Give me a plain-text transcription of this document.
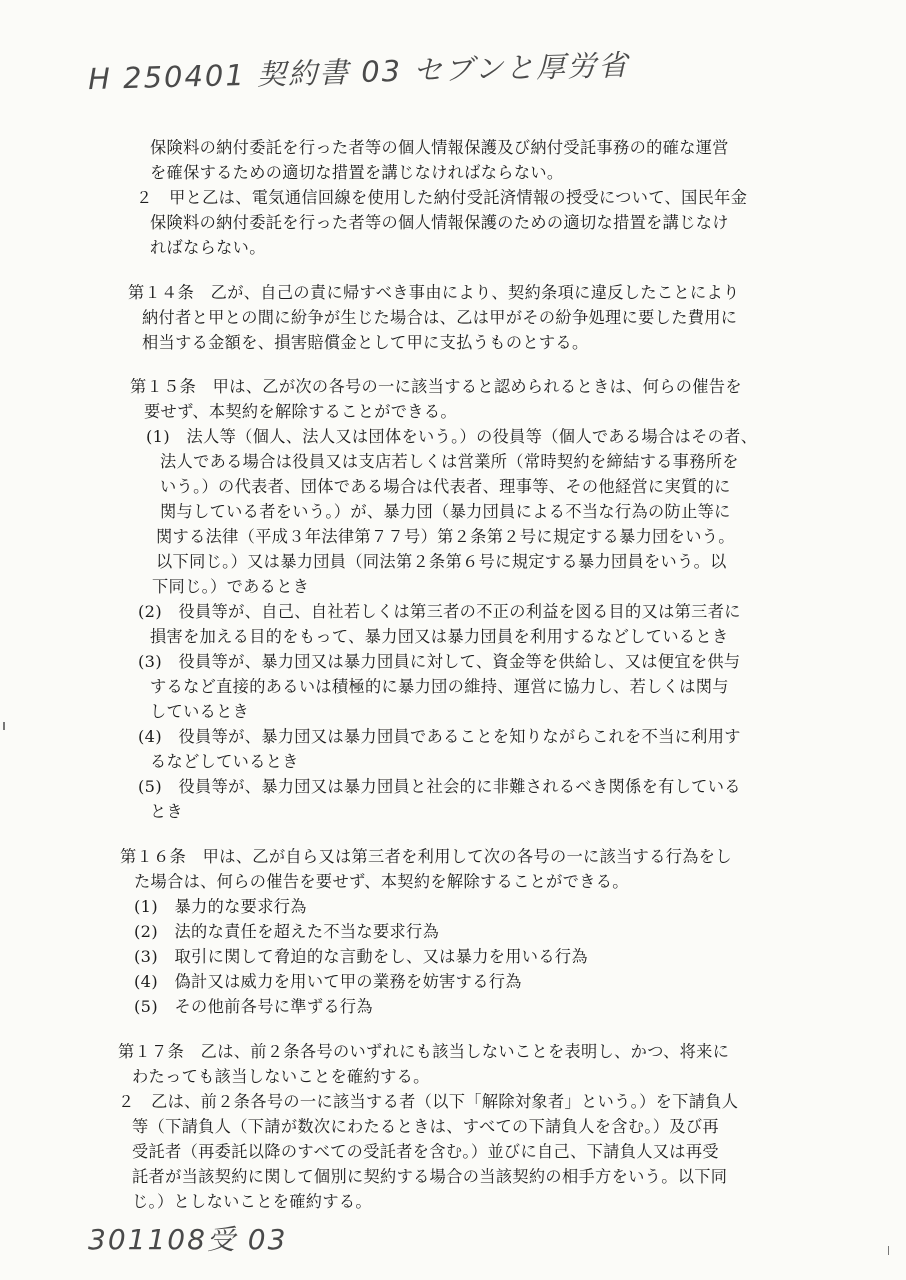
H 250401 契約書 03 セブンと厚労省
保険料の納付委託を行った者等の個人情報保護及び納付受託事務の的確な運営
を確保するための適切な措置を講じなければならない。
２　甲と乙は、電気通信回線を使用した納付受託済情報の授受について、国民年金
保険料の納付委託を行った者等の個人情報保護のための適切な措置を講じなけ
ればならない。
第１４条　乙が、自己の責に帰すべき事由により、契約条項に違反したことにより
納付者と甲との間に紛争が生じた場合は、乙は甲がその紛争処理に要した費用に
相当する金額を、損害賠償金として甲に支払うものとする。
第１５条　甲は、乙が次の各号の一に該当すると認められるときは、何らの催告を
要せず、本契約を解除することができる。
(1)　法人等（個人、法人又は団体をいう。）の役員等（個人である場合はその者、
法人である場合は役員又は支店若しくは営業所（常時契約を締結する事務所を
いう。）の代表者、団体である場合は代表者、理事等、その他経営に実質的に
関与している者をいう。）が、暴力団（暴力団員による不当な行為の防止等に
関する法律（平成３年法律第７７号）第２条第２号に規定する暴力団をいう。
以下同じ。）又は暴力団員（同法第２条第６号に規定する暴力団員をいう。以
下同じ。）であるとき
(2)　役員等が、自己、自社若しくは第三者の不正の利益を図る目的又は第三者に
損害を加える目的をもって、暴力団又は暴力団員を利用するなどしているとき
(3)　役員等が、暴力団又は暴力団員に対して、資金等を供給し、又は便宜を供与
するなど直接的あるいは積極的に暴力団の維持、運営に協力し、若しくは関与
しているとき
(4)　役員等が、暴力団又は暴力団員であることを知りながらこれを不当に利用す
るなどしているとき
(5)　役員等が、暴力団又は暴力団員と社会的に非難されるべき関係を有している
とき
第１６条　甲は、乙が自ら又は第三者を利用して次の各号の一に該当する行為をし
た場合は、何らの催告を要せず、本契約を解除することができる。
(1)　暴力的な要求行為
(2)　法的な責任を超えた不当な要求行為
(3)　取引に関して脅迫的な言動をし、又は暴力を用いる行為
(4)　偽計又は威力を用いて甲の業務を妨害する行為
(5)　その他前各号に準ずる行為
第１７条　乙は、前２条各号のいずれにも該当しないことを表明し、かつ、将来に
わたっても該当しないことを確約する。
２　乙は、前２条各号の一に該当する者（以下「解除対象者」という。）を下請負人
等（下請負人（下請が数次にわたるときは、すべての下請負人を含む。）及び再
受託者（再委託以降のすべての受託者を含む。）並びに自己、下請負人又は再受
託者が当該契約に関して個別に契約する場合の当該契約の相手方をいう。以下同
じ。）としないことを確約する。
301108受 03
